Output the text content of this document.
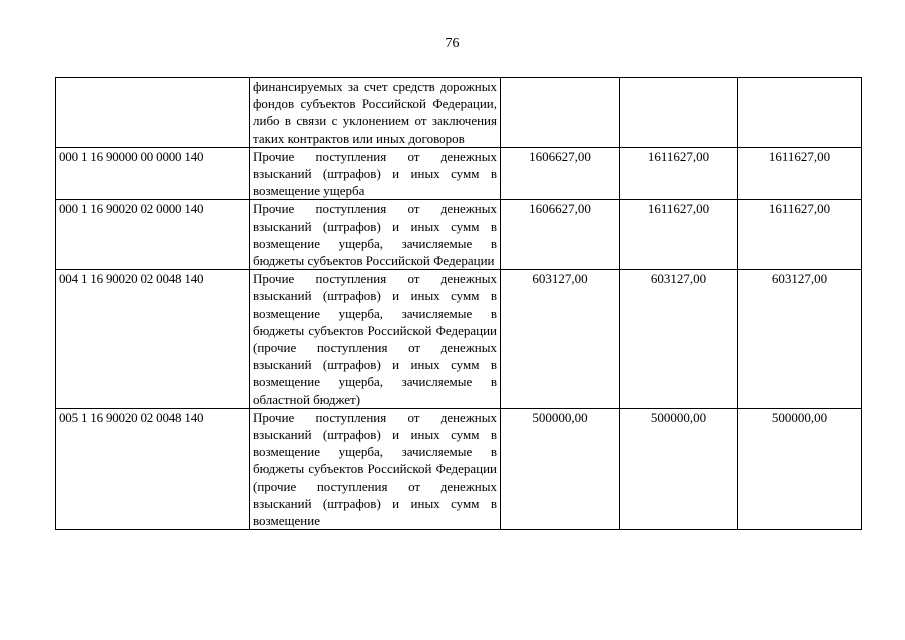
76
	финансируемых за счет средств дорожных фондов субъектов Российской Федерации, либо в связи с уклонением от заключения таких контрактов или иных договоров			
000 1 16 90000 00 0000 140	Прочие поступления от денежных взысканий (штрафов) и иных сумм в возмещение ущерба	1606627,00	1611627,00	1611627,00
000 1 16 90020 02 0000 140	Прочие поступления от денежных взысканий (штрафов) и иных сумм в возмещение ущерба, зачисляемые в бюджеты субъектов Российской Федерации	1606627,00	1611627,00	1611627,00
004 1 16 90020 02 0048 140	Прочие поступления от денежных взысканий (штрафов) и иных сумм в возмещение ущерба, зачисляемые в бюджеты субъектов Российской Федерации (прочие поступления от денежных взысканий (штрафов) и иных сумм в возмещение ущерба, зачисляемые в областной бюджет)	603127,00	603127,00	603127,00
005 1 16 90020 02 0048 140	Прочие поступления от денежных взысканий (штрафов) и иных сумм в возмещение ущерба, зачисляемые в бюджеты субъектов Российской Федерации (прочие поступления от денежных взысканий (штрафов) и иных сумм в возмещение	500000,00	500000,00	500000,00
